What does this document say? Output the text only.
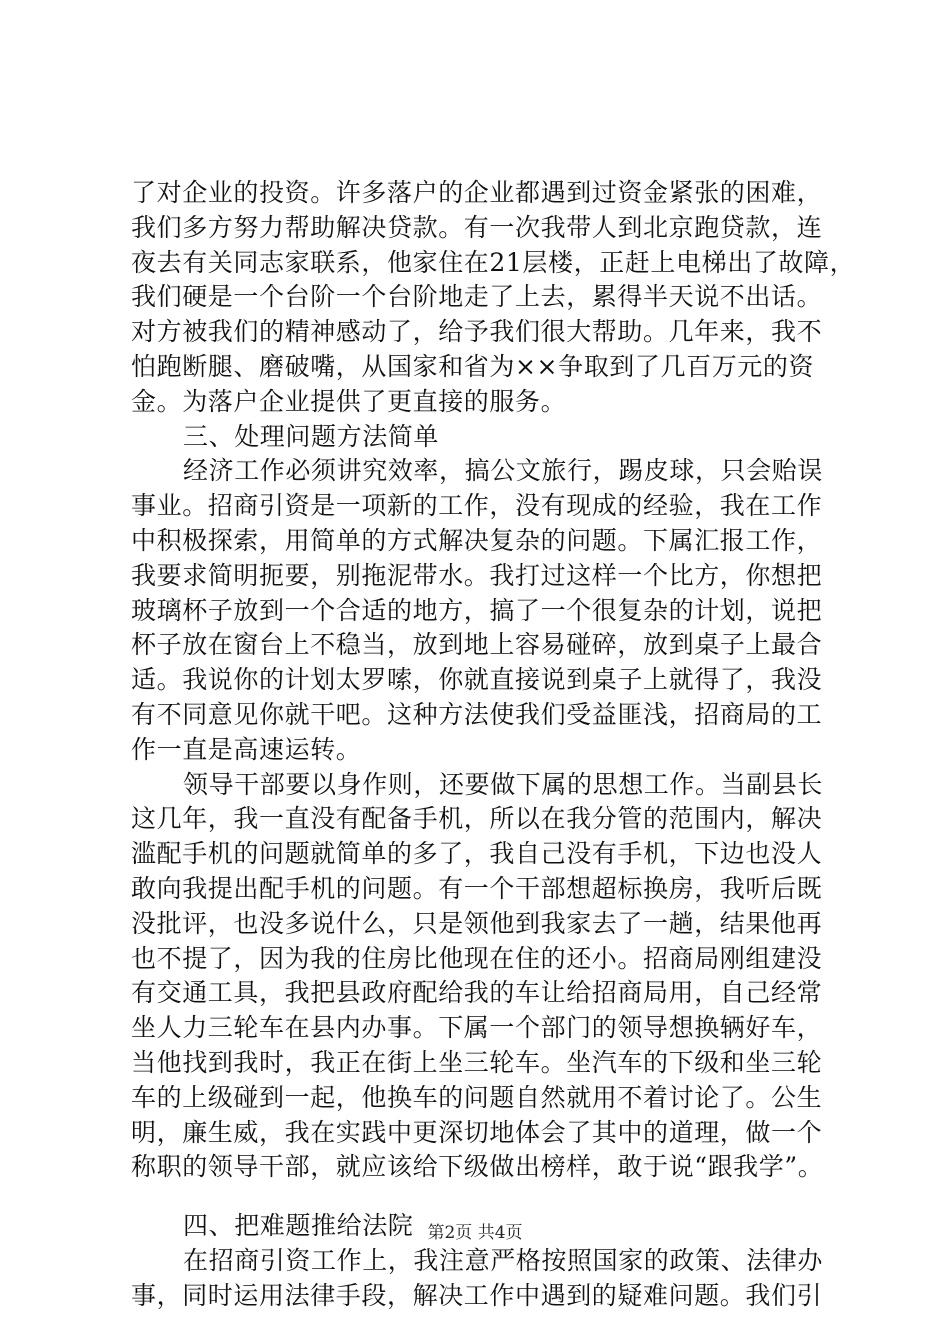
了对企业的投资。许多落户的企业都遇到过资金紧张的困难，
我们多方努力帮助解决贷款。有一次我带人到北京跑贷款，连
夜去有关同志家联系，他家住在21层楼，正赶上电梯出了故障，
我们硬是一个台阶一个台阶地走了上去，累得半天说不出话。
对方被我们的精神感动了，给予我们很大帮助。几年来，我不
怕跑断腿、磨破嘴，从国家和省为××争取到了几百万元的资
金。为落户企业提供了更直接的服务。
三、处理问题方法简单
经济工作必须讲究效率，搞公文旅行，踢皮球，只会贻误
事业。招商引资是一项新的工作，没有现成的经验，我在工作
中积极探索，用简单的方式解决复杂的问题。下属汇报工作，
我要求简明扼要，别拖泥带水。我打过这样一个比方，你想把
玻璃杯子放到一个合适的地方，搞了一个很复杂的计划，说把
杯子放在窗台上不稳当，放到地上容易碰碎，放到桌子上最合
适。我说你的计划太罗嗦，你就直接说到桌子上就得了，我没
有不同意见你就干吧。这种方法使我们受益匪浅，招商局的工
作一直是高速运转。
领导干部要以身作则，还要做下属的思想工作。当副县长
这几年，我一直没有配备手机，所以在我分管的范围内，解决
滥配手机的问题就简单的多了，我自己没有手机，下边也没人
敢向我提出配手机的问题。有一个干部想超标换房，我听后既
没批评，也没多说什么，只是领他到我家去了一趟，结果他再
也不提了，因为我的住房比他现在住的还小。招商局刚组建没
有交通工具，我把县政府配给我的车让给招商局用，自己经常
坐人力三轮车在县内办事。下属一个部门的领导想换辆好车，
当他找到我时，我正在街上坐三轮车。坐汽车的下级和坐三轮
车的上级碰到一起，他换车的问题自然就用不着讨论了。公生
明，廉生威，我在实践中更深切地体会了其中的道理，做一个
称职的领导干部，就应该给下级做出榜样，敢于说“跟我学”。
四、把难题推给法院
在招商引资工作上，我注意严格按照国家的政策、法律办
事，同时运用法律手段，解决工作中遇到的疑难问题。我们引
第2页 共4页
